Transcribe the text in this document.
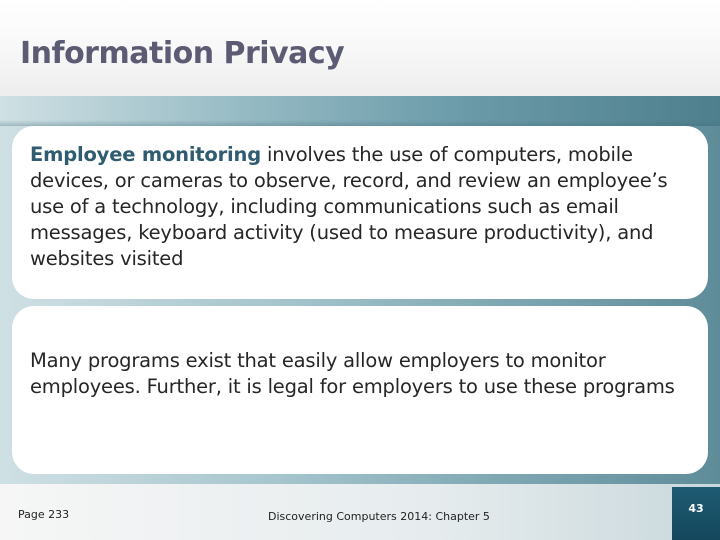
Information Privacy

Employee monitoring involves the use of computers, mobile devices, or cameras to observe, record, and review an employee’s use of a technology, including communications such as email messages, keyboard activity (used to measure productivity), and websites visited

Many programs exist that easily allow employers to monitor employees. Further, it is legal for employers to use these programs

Page 233	Discovering Computers 2014: Chapter 5
43
